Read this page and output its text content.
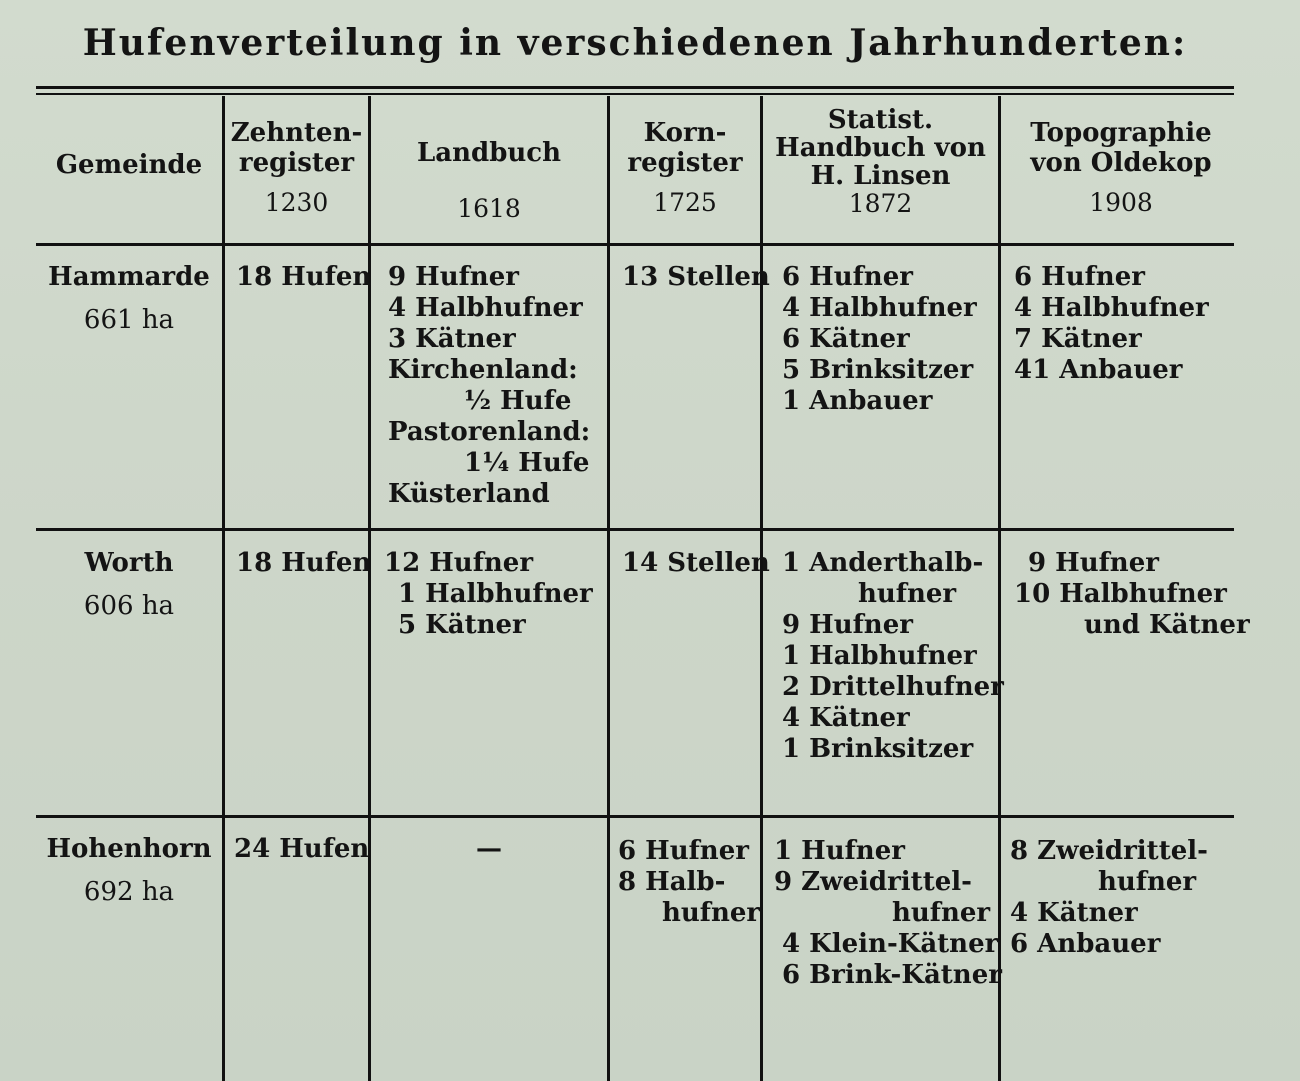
Hufenverteilung in verschiedenen Jahrhunderten:
Gemeinde
Zehnten-
register
1230
Landbuch
1618
Korn-
register
1725
Statist.
Handbuch von
H. Linsen
1872
Topographie
von Oldekop
1908
Hammarde
661 ha
18 Hufen 9 Hufner
4 Halbhufner
3 Kätner
Kirchenland:
½ Hufe
Pastorenland:
1¼ Hufe
Küsterland
13 Stellen 6 Hufner
4 Halbhufner
6 Kätner
5 Brinksitzer
1 Anbauer
6 Hufner
4 Halbhufner
7 Kätner
41 Anbauer
Worth
606 ha
18 Hufen 12 Hufner
1 Halbhufner
5 Kätner
14 Stellen 1 Anderthalb-
hufner
9 Hufner
1 Halbhufner
2 Drittelhufner
4 Kätner
1 Brinksitzer
9 Hufner
10 Halbhufner
und Kätner
Hohenhorn
692 ha
24 Hufen	—	6 Hufner
8 Halb-
hufner
1 Hufner
9 Zweidrittel-
hufner
4 Klein-Kätner
6 Brink-Kätner
8 Zweidrittel-
hufner
4 Kätner
6 Anbauer
